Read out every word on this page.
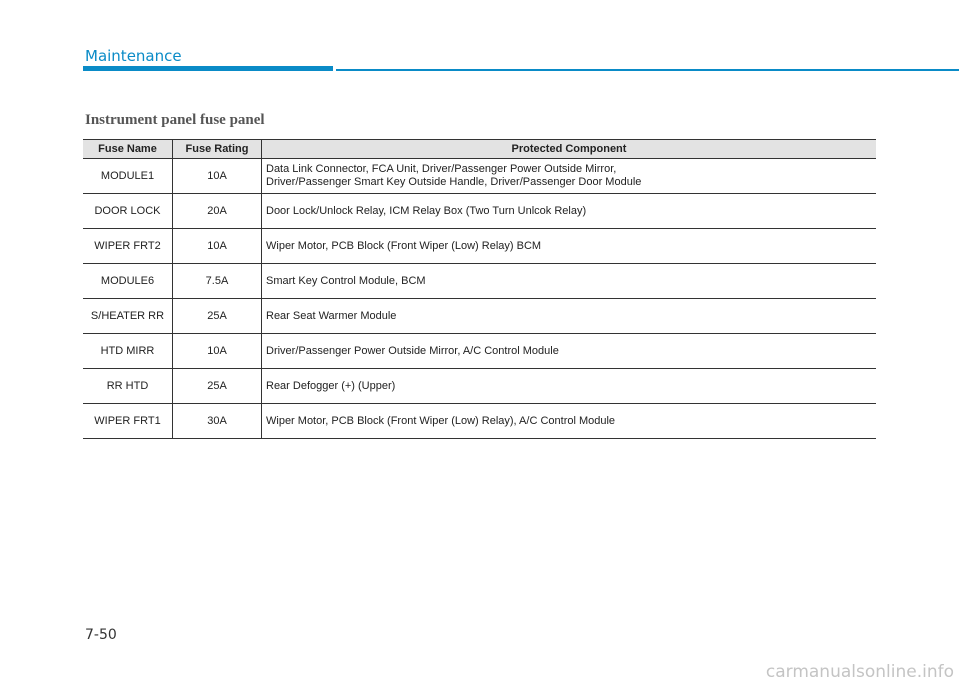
Maintenance
Instrument panel fuse panel
Fuse Name	Fuse Rating	Protected Component
MODULE1	10A	Data Link Connector, FCA Unit, Driver/Passenger Power Outside Mirror,
Driver/Passenger Smart Key Outside Handle, Driver/Passenger Door Module

DOOR LOCK	20A	Door Lock/Unlock Relay, ICM Relay Box (Two Turn Unlcok Relay)

WIPER FRT2	10A	Wiper Motor, PCB Block (Front Wiper (Low) Relay) BCM

MODULE6	7.5A	Smart Key Control Module, BCM

S/HEATER RR	25A	Rear Seat Warmer Module

HTD MIRR	10A	Driver/Passenger Power Outside Mirror, A/C Control Module

RR HTD	25A	Rear Defogger (+) (Upper)

WIPER FRT1	30A	Wiper Motor, PCB Block (Front Wiper (Low) Relay), A/C Control Module
7-50
carmanualsonline.info
